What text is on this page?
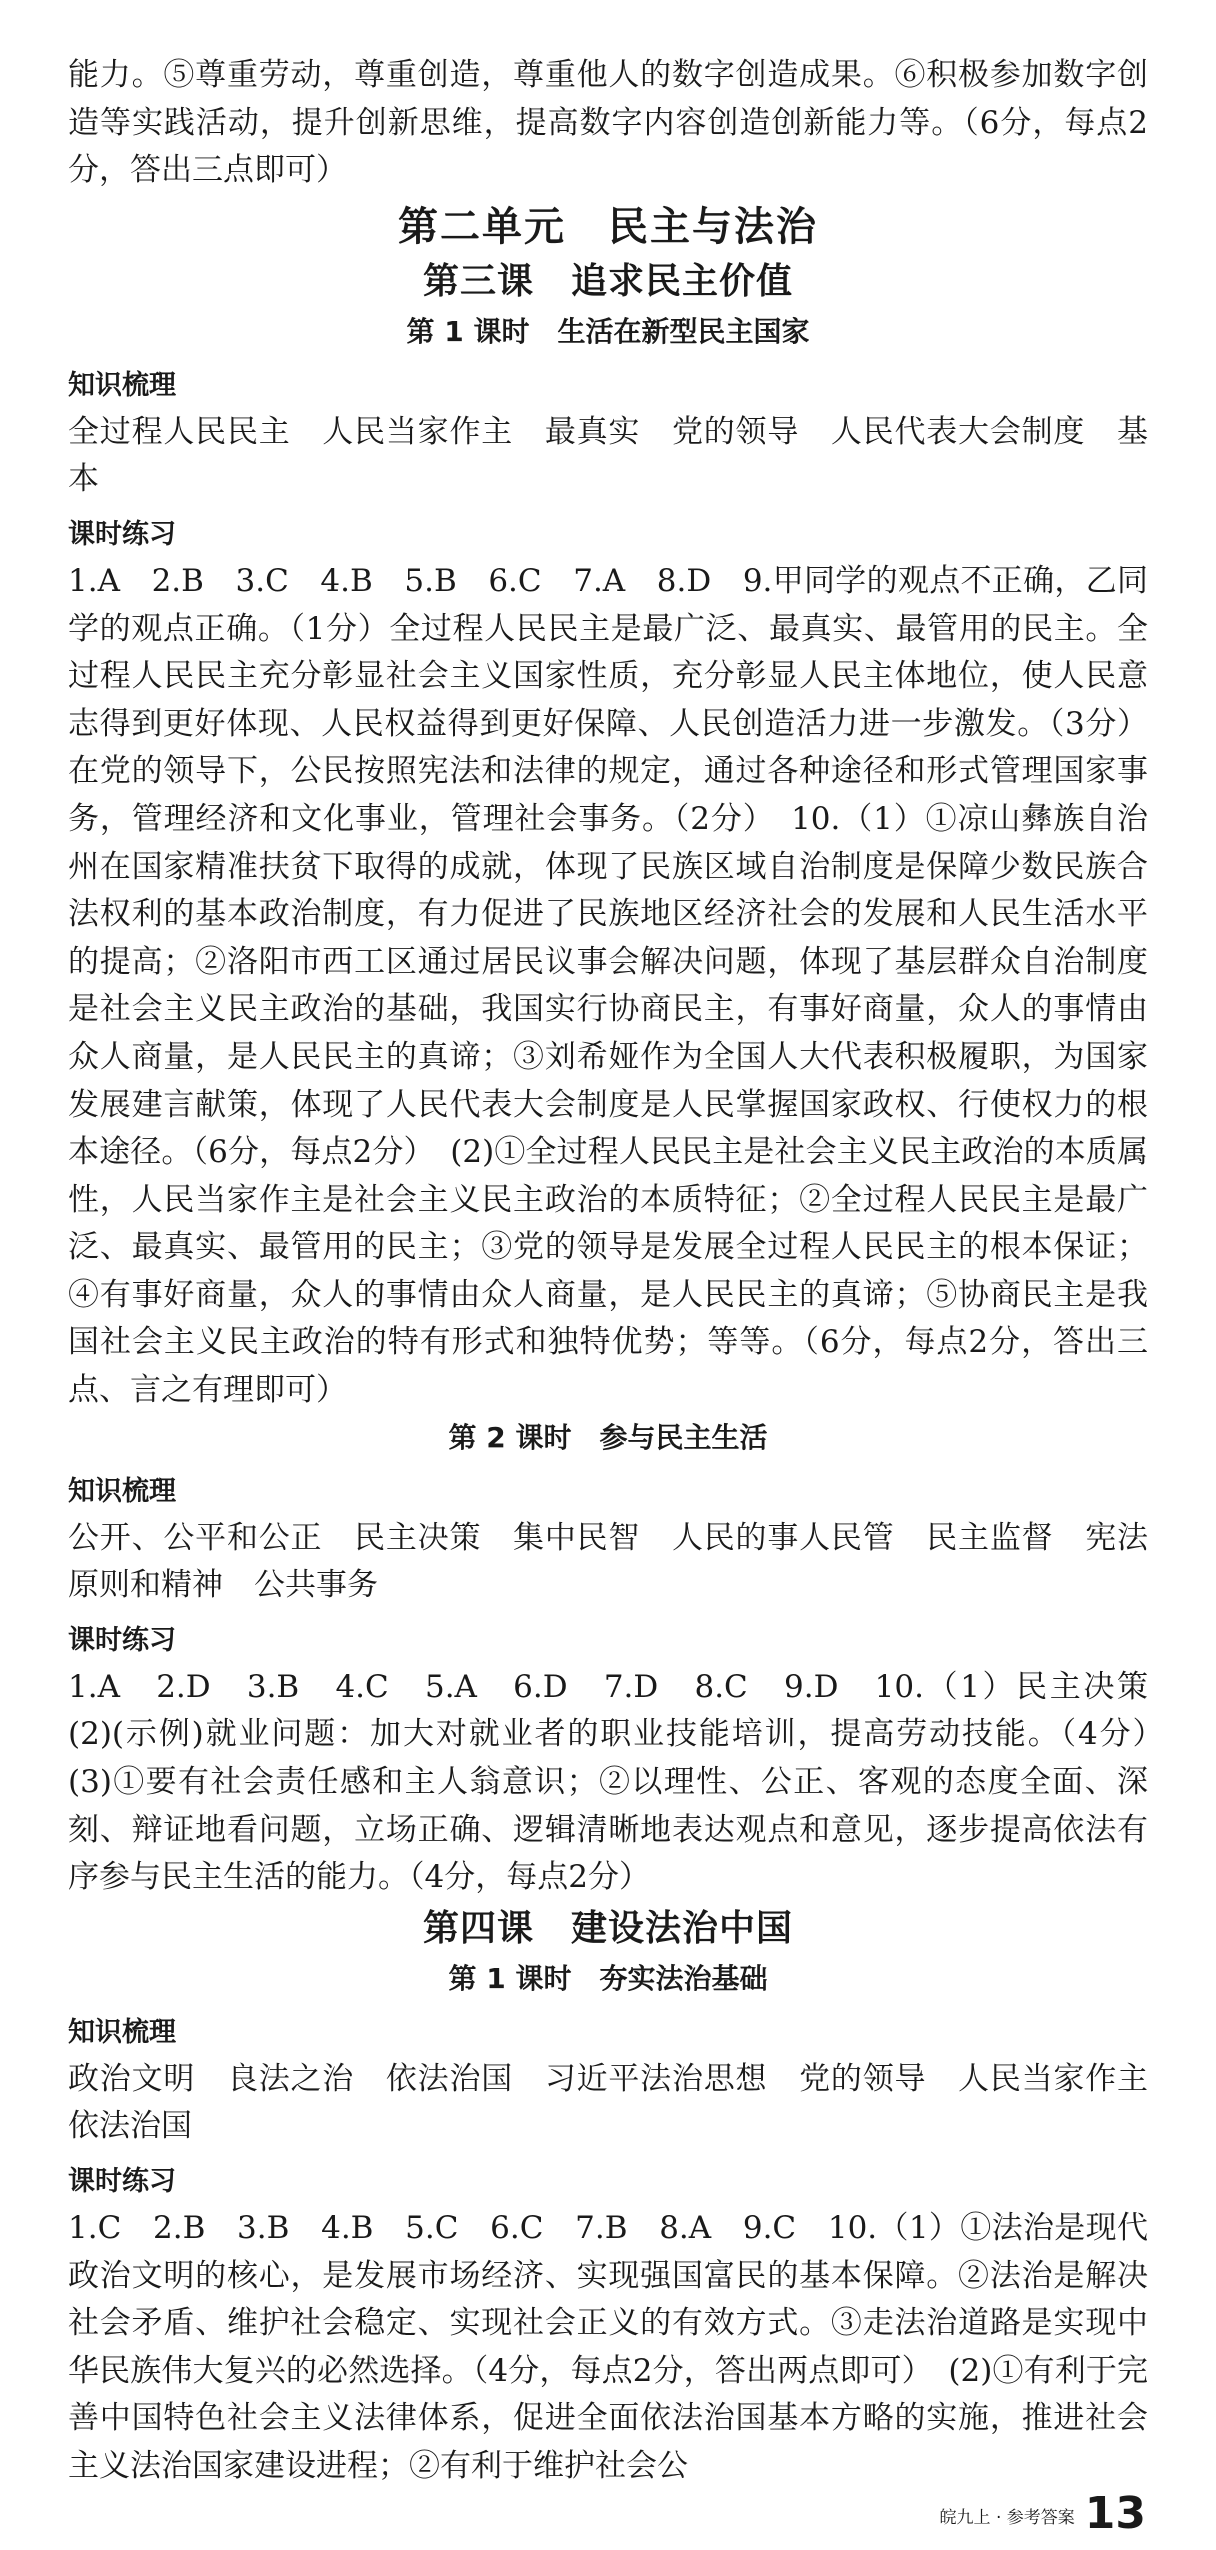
能力。⑤尊重劳动，尊重创造，尊重他人的数字创造成果。⑥积极参加数字创造等实践活动，提升创新思维，提高数字内容创造创新能力等。（6分，每点2分，答出三点即可）

第二单元　民主与法治
第三课　追求民主价值
第 1 课时　生活在新型民主国家
知识梳理

全过程人民民主　人民当家作主　最真实　党的领导　人民代表大会制度　基本

课时练习

1.A　2.B　3.C　4.B　5.B　6.C　7.A　8.D　9.甲同学的观点不正确，乙同学的观点正确。（1分）全过程人民民主是最广泛、最真实、最管用的民主。全过程人民民主充分彰显社会主义国家性质，充分彰显人民主体地位，使人民意志得到更好体现、人民权益得到更好保障、人民创造活力进一步激发。（3分）在党的领导下，公民按照宪法和法律的规定，通过各种途径和形式管理国家事务，管理经济和文化事业，管理社会事务。（2分）　10.（1）①凉山彝族自治州在国家精准扶贫下取得的成就，体现了民族区域自治制度是保障少数民族合法权利的基本政治制度，有力促进了民族地区经济社会的发展和人民生活水平的提高；②洛阳市西工区通过居民议事会解决问题，体现了基层群众自治制度是社会主义民主政治的基础，我国实行协商民主，有事好商量，众人的事情由众人商量，是人民民主的真谛；③刘希娅作为全国人大代表积极履职，为国家发展建言献策，体现了人民代表大会制度是人民掌握国家政权、行使权力的根本途径。（6分，每点2分）　(2)①全过程人民民主是社会主义民主政治的本质属性，人民当家作主是社会主义民主政治的本质特征；②全过程人民民主是最广泛、最真实、最管用的民主；③党的领导是发展全过程人民民主的根本保证；④有事好商量，众人的事情由众人商量，是人民民主的真谛；⑤协商民主是我国社会主义民主政治的特有形式和独特优势；等等。（6分，每点2分，答出三点、言之有理即可）

第 2 课时　参与民主生活
知识梳理

公开、公平和公正　民主决策　集中民智　人民的事人民管　民主监督　宪法原则和精神　公共事务

课时练习

1.A　2.D　3.B　4.C　5.A　6.D　7.D　8.C　9.D　10.（1）民主决策　(2)(示例)就业问题：加大对就业者的职业技能培训，提高劳动技能。（4分）　(3)①要有社会责任感和主人翁意识；②以理性、公正、客观的态度全面、深刻、辩证地看问题，立场正确、逻辑清晰地表达观点和意见，逐步提高依法有序参与民主生活的能力。（4分，每点2分）

第四课　建设法治中国
第 1 课时　夯实法治基础
知识梳理

政治文明　良法之治　依法治国　习近平法治思想　党的领导　人民当家作主　依法治国

课时练习

1.C　2.B　3.B　4.B　5.C　6.C　7.B　8.A　9.C　10.（1）①法治是现代政治文明的核心，是发展市场经济、实现强国富民的基本保障。②法治是解决社会矛盾、维护社会稳定、实现社会正义的有效方式。③走法治道路是实现中华民族伟大复兴的必然选择。（4分，每点2分，答出两点即可）　(2)①有利于完善中国特色社会主义法律体系，促进全面依法治国基本方略的实施，推进社会主义法治国家建设进程；②有利于维护社会公

皖九上 · 参考答案 13
